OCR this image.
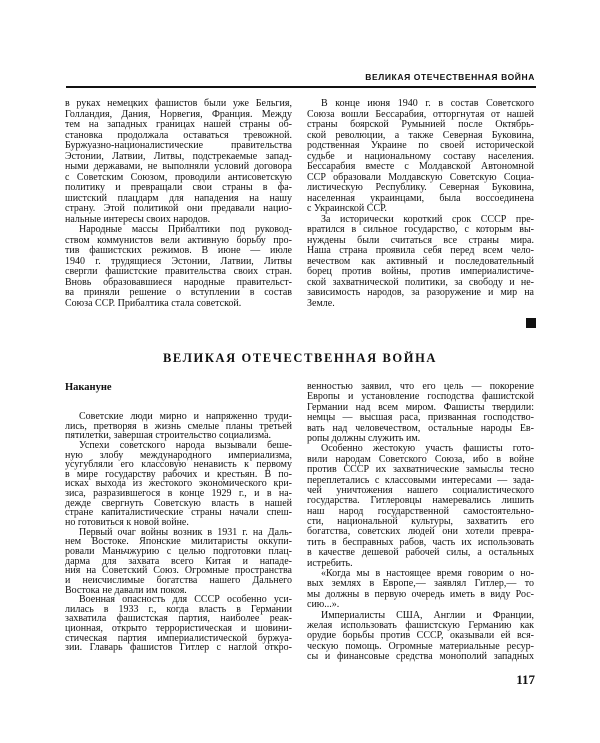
ВЕЛИКАЯ ОТЕЧЕСТВЕННАЯ ВОЙНА
в руках немецких фашистов были уже Бельгия,
Голландия, Дания, Норвегия, Франция. Между
тем на западных границах нашей страны об-
становка продолжала оставаться тревожной.
Буржуазно-националистические правительства
Эстонии, Латвии, Литвы, подстрекаемые запад-
ными державами, не выполняли условий договора
с Советским Союзом, проводили антисоветскую
политику и превращали свои страны в фа-
шистский плацдарм для нападения на нашу
страну. Этой политикой они предавали нацио-
нальные интересы своих народов.
Народные массы Прибалтики под руковод-
ством коммунистов вели активную борьбу про-
тив фашистских режимов. В июне — июле
1940 г. трудящиеся Эстонии, Латвии, Литвы
свергли фашистские правительства своих стран.
Вновь образовавшиеся народные правительст-
ва приняли решение о вступлении в состав
Союза ССР. Прибалтика стала советской.
В конце июня 1940 г. в состав Советского
Союза вошли Бессарабия, отторгнутая от нашей
страны боярской Румынией после Октябрь-
ской революции, а также Северная Буковина,
родственная Украине по своей исторической
судьбе и национальному составу населения.
Бессарабия вместе с Молдавской Автономной
ССР образовали Молдавскую Советскую Социа-
листическую Республику. Северная Буковина,
населенная украинцами, была воссоединена
с Украинской ССР.
За исторически короткий срок СССР пре-
вратился в сильное государство, с которым вы-
нуждены были считаться все страны мира.
Наша страна проявила себя перед всем чело-
вечеством как активный и последовательный
борец против войны, против империалистиче-
ской захватнической политики, за свободу и не-
зависимость народов, за разоружение и мир на
Земле.
ВЕЛИКАЯ ОТЕЧЕСТВЕННАЯ ВОЙНА
Накануне
Советские люди мирно и напряженно труди-
лись, претворяя в жизнь смелые планы третьей
пятилетки, завершая строительство социализма.
Успехи советского народа вызывали беше-
ную злобу международного империализма,
усугубляли его классовую ненависть к первому
в мире государству рабочих и крестьян. В по-
исках выхода из жестокого экономического кри-
зиса, разразившегося в конце 1929 г., и в на-
дежде свергнуть Советскую власть в нашей
стране капиталистические страны начали спеш-
но готовиться к новой войне.
Первый очаг войны возник в 1931 г. на Даль-
нем Востоке. Японские милитаристы оккупи-
ровали Маньчжурию с целью подготовки плац-
дарма для захвата всего Китая и нападе-
ния на Советский Союз. Огромные пространства
и неисчислимые богатства нашего Дальнего
Востока не давали им покоя.
Военная опасность для СССР особенно уси-
лилась в 1933 г., когда власть в Германии
захватила фашистская партия, наиболее реак-
ционная, открыто террористическая и шовини-
стическая партия империалистической буржуа-
зии. Главарь фашистов Гитлер с наглой откро-
венностью заявил, что его цель — покорение
Европы и установление господства фашистской
Германии над всем миром. Фашисты твердили:
немцы — высшая раса, призванная господство-
вать над человечеством, остальные народы Ев-
ропы должны служить им.
Особенно жестокую участь фашисты гото-
вили народам Советского Союза, ибо в войне
против СССР их захватнические замыслы тесно
переплетались с классовыми интересами — зада-
чей уничтожения нашего социалистического
государства. Гитлеровцы намеревались лишить
наш народ государственной самостоятельно-
сти, национальной культуры, захватить его
богатства, советских людей они хотели превра-
тить в бесправных рабов, часть их использовать
в качестве дешевой рабочей силы, а остальных
истребить.
«Когда мы в настоящее время говорим о но-
вых землях в Европе,— заявлял Гитлер,— то
мы должны в первую очередь иметь в виду Рос-
сию...».
Империалисты США, Англии и Франции,
желая использовать фашистскую Германию как
орудие борьбы против СССР, оказывали ей вся-
ческую помощь. Огромные материальные ресур-
сы и финансовые средства монополий западных
117
